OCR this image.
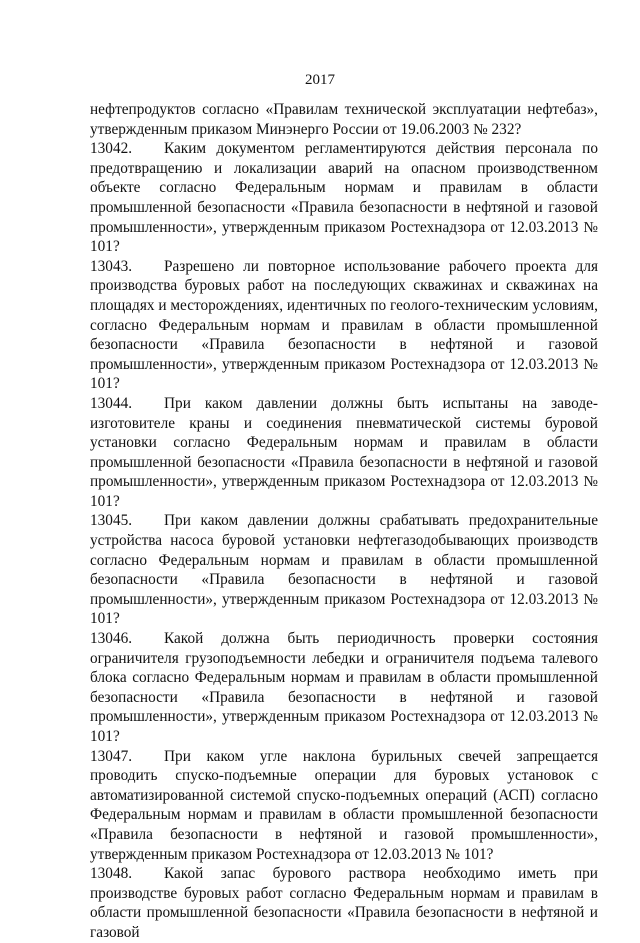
2017

нефтепродуктов согласно «Правилам технической эксплуатации нефтебаз», утвержденным приказом Минэнерго России от 19.06.2003 № 232?

13042. Каким документом регламентируются действия персонала по предотвращению и локализации аварий на опасном производственном объекте согласно Федеральным нормам и правилам в области промышленной безопасности «Правила безопасности в нефтяной и газовой промышленности», утвержденным приказом Ростехнадзора от 12.03.2013 № 101?

13043. Разрешено ли повторное использование рабочего проекта для производства буровых работ на последующих скважинах и скважинах на площадях и месторождениях, идентичных по геолого-техническим условиям, согласно Федеральным нормам и правилам в области промышленной безопасности «Правила безопасности в нефтяной и газовой промышленности», утвержденным приказом Ростехнадзора от 12.03.2013 № 101?

13044. При каком давлении должны быть испытаны на заводе-изготовителе краны и соединения пневматической системы буровой установки согласно Федеральным нормам и правилам в области промышленной безопасности «Правила безопасности в нефтяной и газовой промышленности», утвержденным приказом Ростехнадзора от 12.03.2013 № 101?

13045. При каком давлении должны срабатывать предохранительные устройства насоса буровой установки нефтегазодобывающих производств согласно Федеральным нормам и правилам в области промышленной безопасности «Правила безопасности в нефтяной и газовой промышленности», утвержденным приказом Ростехнадзора от 12.03.2013 № 101?

13046. Какой должна быть периодичность проверки состояния ограничителя грузоподъемности лебедки и ограничителя подъема талевого блока согласно Федеральным нормам и правилам в области промышленной безопасности «Правила безопасности в нефтяной и газовой промышленности», утвержденным приказом Ростехнадзора от 12.03.2013 № 101?

13047. При каком угле наклона бурильных свечей запрещается проводить спуско-подъемные операции для буровых установок с автоматизированной системой спуско-подъемных операций (АСП) согласно Федеральным нормам и правилам в области промышленной безопасности «Правила безопасности в нефтяной и газовой промышленности», утвержденным приказом Ростехнадзора от 12.03.2013 № 101?

13048. Какой запас бурового раствора необходимо иметь при производстве буровых работ согласно Федеральным нормам и правилам в области промышленной безопасности «Правила безопасности в нефтяной и газовой
